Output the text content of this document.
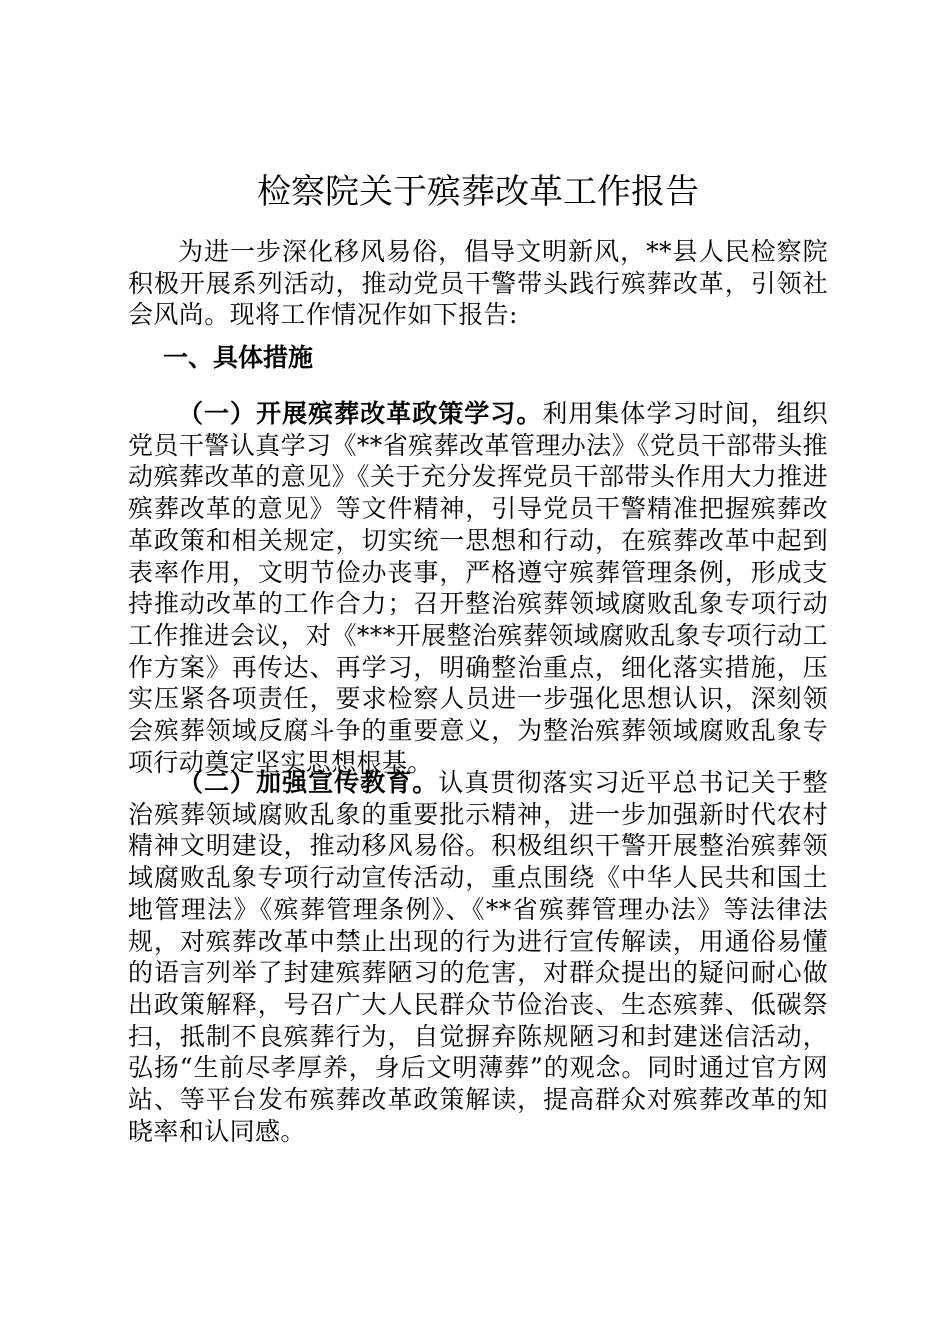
检察院关于殡葬改革工作报告

为进一步深化移风易俗，倡导文明新风，**县人民检察院积极开展系列活动，推动党员干警带头践行殡葬改革，引领社会风尚。现将工作情况作如下报告:

一、具体措施

（一）开展殡葬改革政策学习。利用集体学习时间，组织党员干警认真学习《**省殡葬改革管理办法》《党员干部带头推动殡葬改革的意见》《关于充分发挥党员干部带头作用大力推进殡葬改革的意见》等文件精神，引导党员干警精准把握殡葬改革政策和相关规定，切实统一思想和行动，在殡葬改革中起到表率作用，文明节俭办丧事，严格遵守殡葬管理条例，形成支持推动改革的工作合力；召开整治殡葬领域腐败乱象专项行动工作推进会议，对《***开展整治殡葬领域腐败乱象专项行动工作方案》再传达、再学习，明确整治重点，细化落实措施，压实压紧各项责任，要求检察人员进一步强化思想认识，深刻领会殡葬领域反腐斗争的重要意义，为整治殡葬领域腐败乱象专项行动奠定坚实思想根基。

（二）加强宣传教育。认真贯彻落实习近平总书记关于整治殡葬领域腐败乱象的重要批示精神，进一步加强新时代农村精神文明建设，推动移风易俗。积极组织干警开展整治殡葬领域腐败乱象专项行动宣传活动，重点围绕《中华人民共和国土地管理法》《殡葬管理条例》、《**省殡葬管理办法》等法律法规，对殡葬改革中禁止出现的行为进行宣传解读，用通俗易懂的语言列举了封建殡葬陋习的危害，对群众提出的疑问耐心做出政策解释，号召广大人民群众节俭治丧、生态殡葬、低碳祭扫，抵制不良殡葬行为，自觉摒弃陈规陋习和封建迷信活动，弘扬“生前尽孝厚养，身后文明薄葬”的观念。同时通过官方网站、等平台发布殡葬改革政策解读，提高群众对殡葬改革的知晓率和认同感。
